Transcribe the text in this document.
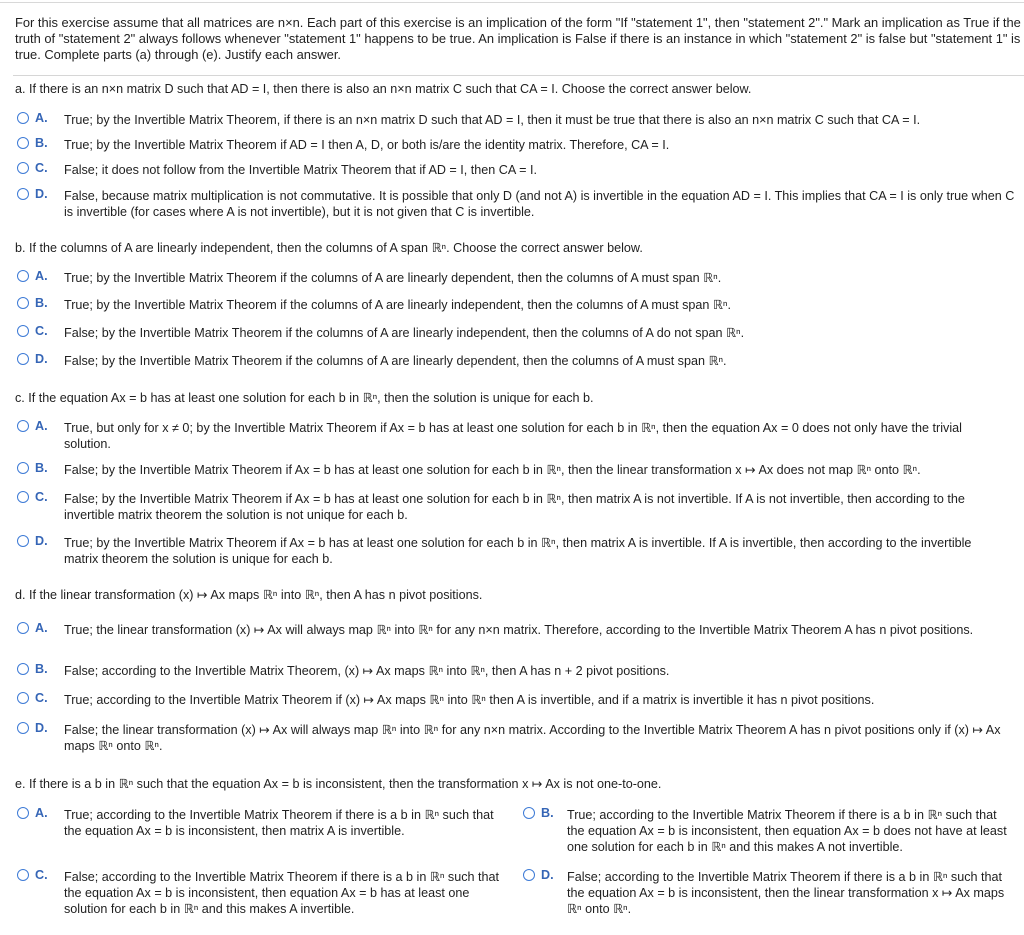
For this exercise assume that all matrices are n×n. Each part of this exercise is an implication of the form "If "statement 1", then "statement 2"." Mark an implication as True if the truth of "statement 2" always follows whenever "statement 1" happens to be true. An implication is False if there is an instance in which "statement 2" is false but "statement 1" is true. Complete parts (a) through (e). Justify each answer.
a. If there is an n×n matrix D such that AD = I, then there is also an n×n matrix C such that CA = I. Choose the correct answer below.
A. True; by the Invertible Matrix Theorem, if there is an n×n matrix D such that AD = I, then it must be true that there is also an n×n matrix C such that CA = I.
B. True; by the Invertible Matrix Theorem if AD = I then A, D, or both is/are the identity matrix. Therefore, CA = I.
C. False; it does not follow from the Invertible Matrix Theorem that if AD = I, then CA = I.
D. False, because matrix multiplication is not commutative. It is possible that only D (and not A) is invertible in the equation AD = I. This implies that CA = I is only true when C is invertible (for cases where A is not invertible), but it is not given that C is invertible.
b. If the columns of A are linearly independent, then the columns of A span ℝⁿ. Choose the correct answer below.
A. True; by the Invertible Matrix Theorem if the columns of A are linearly dependent, then the columns of A must span ℝⁿ.
B. True; by the Invertible Matrix Theorem if the columns of A are linearly independent, then the columns of A must span ℝⁿ.
C. False; by the Invertible Matrix Theorem if the columns of A are linearly independent, then the columns of A do not span ℝⁿ.
D. False; by the Invertible Matrix Theorem if the columns of A are linearly dependent, then the columns of A must span ℝⁿ.
c. If the equation Ax = b has at least one solution for each b in ℝⁿ, then the solution is unique for each b.
A. True, but only for x ≠ 0; by the Invertible Matrix Theorem if Ax = b has at least one solution for each b in ℝⁿ, then the equation Ax = 0 does not only have the trivial solution.
B. False; by the Invertible Matrix Theorem if Ax = b has at least one solution for each b in ℝⁿ, then the linear transformation x ↦ Ax does not map ℝⁿ onto ℝⁿ.
C. False; by the Invertible Matrix Theorem if Ax = b has at least one solution for each b in ℝⁿ, then matrix A is not invertible. If A is not invertible, then according to the invertible matrix theorem the solution is not unique for each b.
D. True; by the Invertible Matrix Theorem if Ax = b has at least one solution for each b in ℝⁿ, then matrix A is invertible. If A is invertible, then according to the invertible matrix theorem the solution is unique for each b.
d. If the linear transformation (x) ↦ Ax maps ℝⁿ into ℝⁿ, then A has n pivot positions.
A. True; the linear transformation (x) ↦ Ax will always map ℝⁿ into ℝⁿ for any n×n matrix. Therefore, according to the Invertible Matrix Theorem A has n pivot positions.
B. False; according to the Invertible Matrix Theorem, (x) ↦ Ax maps ℝⁿ into ℝⁿ, then A has n + 2 pivot positions.
C. True; according to the Invertible Matrix Theorem if (x) ↦ Ax maps ℝⁿ into ℝⁿ then A is invertible, and if a matrix is invertible it has n pivot positions.
D. False; the linear transformation (x) ↦ Ax will always map ℝⁿ into ℝⁿ for any n×n matrix. According to the Invertible Matrix Theorem A has n pivot positions only if (x) ↦ Ax maps ℝⁿ onto ℝⁿ.
e. If there is a b in ℝⁿ such that the equation Ax = b is inconsistent, then the transformation x ↦ Ax is not one-to-one.
A. True; according to the Invertible Matrix Theorem if there is a b in ℝⁿ such that the equation Ax = b is inconsistent, then matrix A is invertible.
B. True; according to the Invertible Matrix Theorem if there is a b in ℝⁿ such that the equation Ax = b is inconsistent, then equation Ax = b does not have at least one solution for each b in ℝⁿ and this makes A not invertible.
C. False; according to the Invertible Matrix Theorem if there is a b in ℝⁿ such that the equation Ax = b is inconsistent, then equation Ax = b has at least one solution for each b in ℝⁿ and this makes A invertible.
D. False; according to the Invertible Matrix Theorem if there is a b in ℝⁿ such that the equation Ax = b is inconsistent, then the linear transformation x ↦ Ax maps ℝⁿ onto ℝⁿ.
